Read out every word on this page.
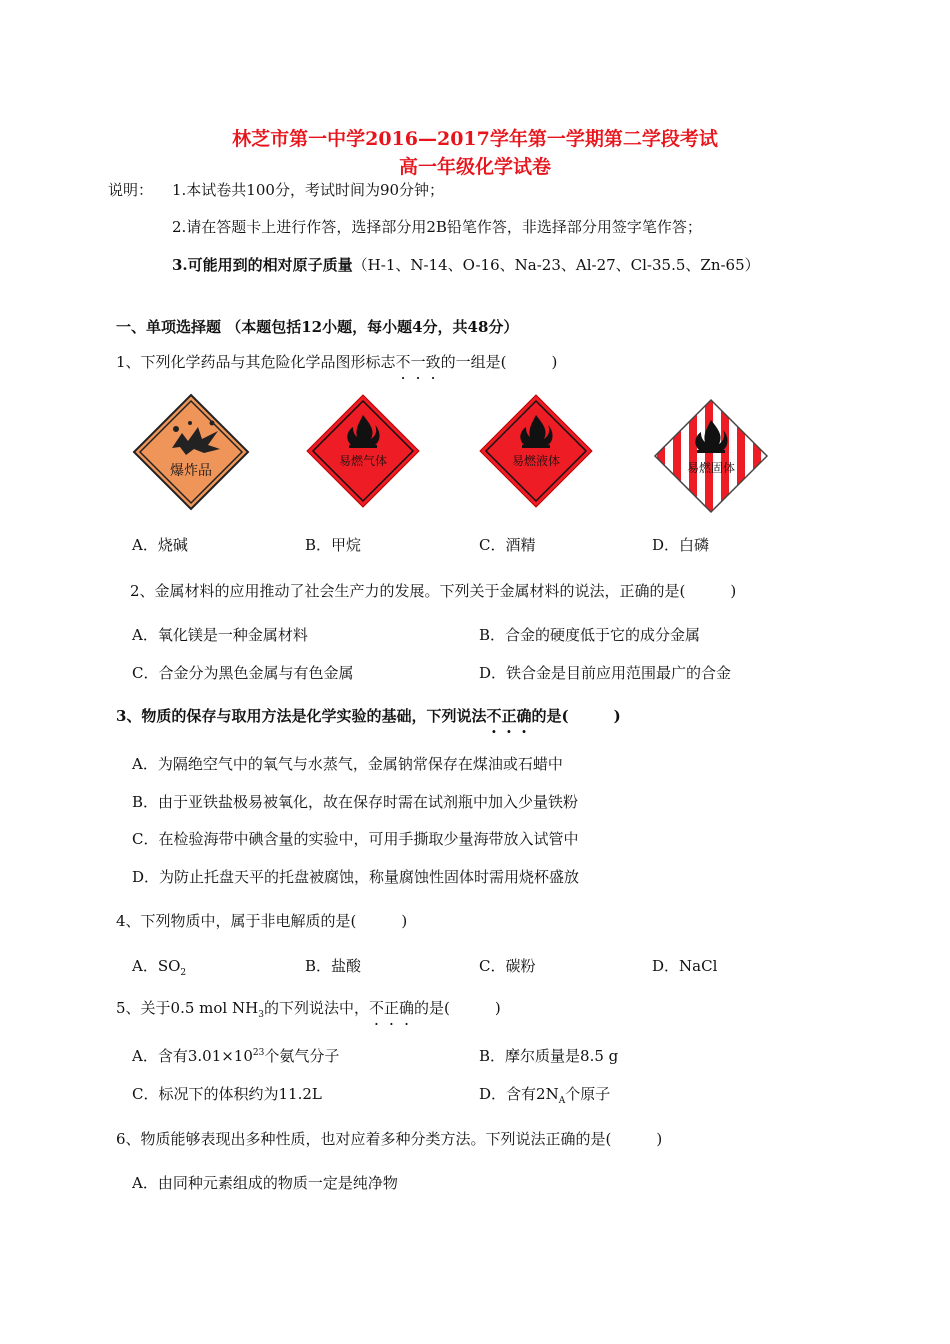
林芝市第一中学2016—2017学年第一学期第二学段考试
高一年级化学试卷
说明： 1.本试卷共100分，考试时间为90分钟；
2.请在答题卡上进行作答，选择部分用2B铅笔作答，非选择部分用签字笔作答；
3.可能用到的相对原子质量（H-1、N-14、O-16、Na-23、Al-27、Cl-35.5、Zn-65）
一、单项选择题 （本题包括12小题，每小题4分，共48分）
1、下列化学药品与其危险化学品图形标志不一致的一组是(　　　)
爆炸品
易燃气体	易燃液体	易燃固体
A．烧碱	B．甲烷	C．酒精	D．白磷
2、金属材料的应用推动了社会生产力的发展。下列关于金属材料的说法，正确的是(　　　)
A．氧化镁是一种金属材料	B．合金的硬度低于它的成分金属
C．合金分为黑色金属与有色金属	D．铁合金是目前应用范围最广的合金
3、物质的保存与取用方法是化学实验的基础，下列说法不正确的是(　　　)
A．为隔绝空气中的氧气与水蒸气，金属钠常保存在煤油或石蜡中
B．由于亚铁盐极易被氧化，故在保存时需在试剂瓶中加入少量铁粉
C．在检验海带中碘含量的实验中，可用手撕取少量海带放入试管中
D．为防止托盘天平的托盘被腐蚀，称量腐蚀性固体时需用烧杯盛放
4、下列物质中，属于非电解质的是(　　　)
A．$SO_2$	B．盐酸	C．碳粉	D．NaCl
5、关于0.5 mol $NH_3$的下列说法中，不正确的是(　　　)
A．含有$3.01\times 10^{23}$个氨气分子	B．摩尔质量是8.5 g
C．标况下的体积约为11.2L	D．含有$2N_A$个原子
6、物质能够表现出多种性质，也对应着多种分类方法。下列说法正确的是(　　　)
A．由同种元素组成的物质一定是纯净物
